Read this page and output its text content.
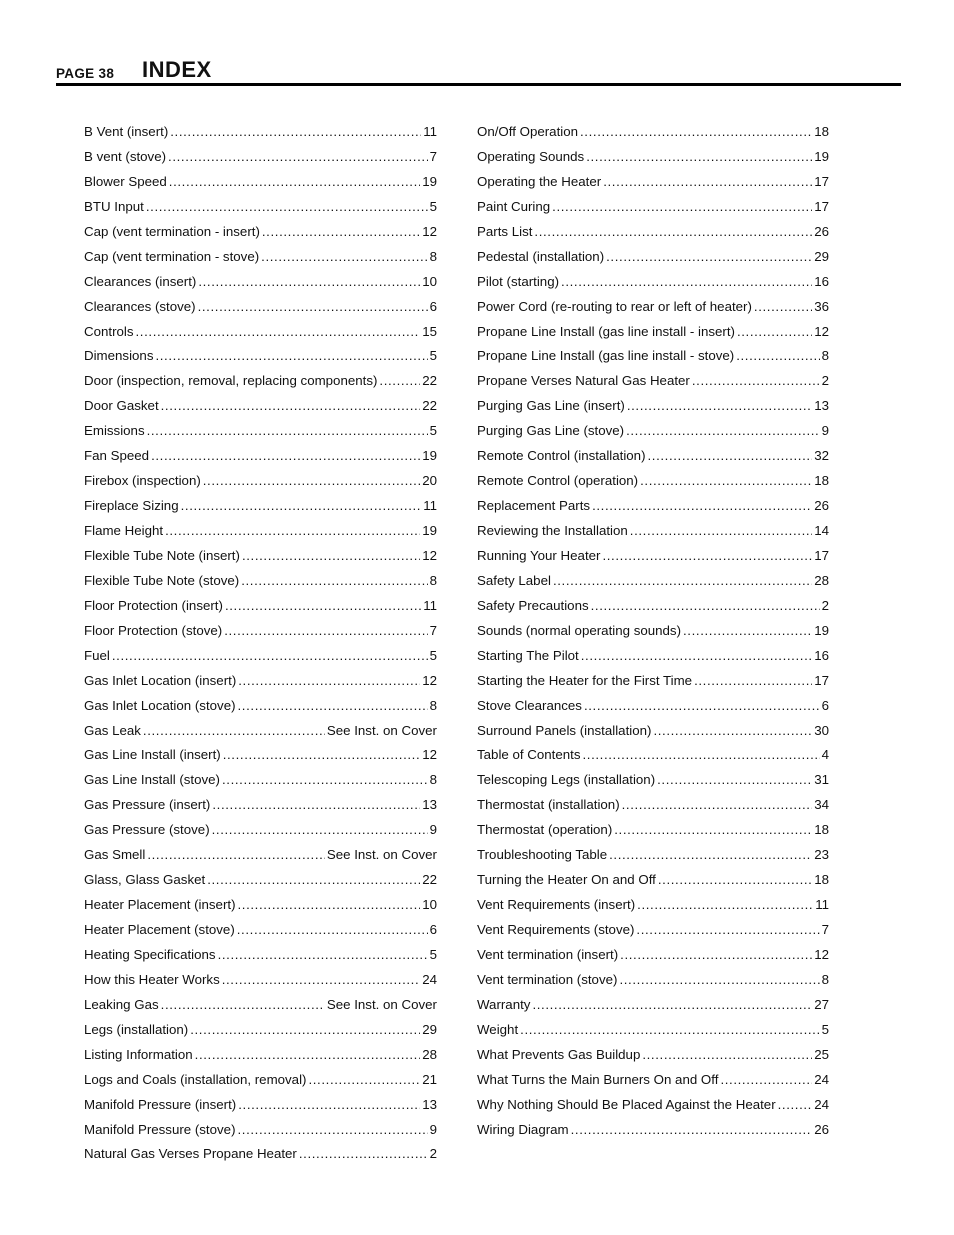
PAGE 38 INDEX
B Vent (insert) .....	11
B vent (stove) .....	7
Blower Speed .....	19
BTU Input .....	5
Cap (vent termination - insert) .....	12
Cap (vent termination - stove) .....	8
Clearances (insert) .....	10
Clearances (stove) .....	6
Controls .....	15
Dimensions .....	5
Door (inspection, removal, replacing components) .....	22
Door Gasket .....	22
Emissions .....	5
Fan Speed .....	19
Firebox (inspection) .....	20
Fireplace Sizing .....	11
Flame Height .....	19
Flexible Tube Note (insert) .....	12
Flexible Tube Note (stove) .....	8
Floor Protection (insert) .....	11
Floor Protection (stove) .....	7
Fuel .....	5
Gas Inlet Location (insert) .....	12
Gas Inlet Location (stove) .....	8
Gas Leak .....	See Inst. on Cover
Gas Line Install (insert) .....	12
Gas Line Install (stove) .....	8
Gas Pressure (insert) .....	13
Gas Pressure (stove) .....	9
Gas Smell .....	See Inst. on Cover
Glass, Glass Gasket .....	22
Heater Placement (insert) .....	10
Heater Placement (stove) .....	6
Heating Specifications .....	5
How this Heater Works .....	24
Leaking Gas .....	See Inst. on Cover
Legs (installation) .....	29
Listing Information .....	28
Logs and Coals (installation, removal) .....	21
Manifold Pressure (insert) .....	13
Manifold Pressure (stove) .....	9
Natural Gas Verses Propane Heater .....	2
On/Off Operation .....	18
Operating Sounds .....	19
Operating the Heater .....	17
Paint Curing .....	17
Parts List .....	26
Pedestal (installation) .....	29
Pilot (starting) .....	16
Power Cord (re-routing to rear or left of heater) .....	36
Propane Line Install (gas line install - insert) .....	12
Propane Line Install (gas line install - stove) .....	8
Propane Verses Natural Gas Heater .....	2
Purging Gas Line (insert) .....	13
Purging Gas Line (stove) .....	9
Remote Control (installation) .....	32
Remote Control (operation) .....	18
Replacement Parts .....	26
Reviewing the Installation .....	14
Running Your Heater .....	17
Safety Label .....	28
Safety Precautions .....	2
Sounds (normal operating sounds) .....	19
Starting The Pilot .....	16
Starting the Heater for the First Time .....	17
Stove Clearances .....	6
Surround Panels (installation) .....	30
Table of Contents .....	4
Telescoping Legs (installation) .....	31
Thermostat (installation) .....	34
Thermostat (operation) .....	18
Troubleshooting Table .....	23
Turning the Heater On and Off .....	18
Vent Requirements (insert) .....	11
Vent Requirements (stove) .....	7
Vent termination (insert) .....	12
Vent termination (stove) .....	8
Warranty .....	27
Weight .....	5
What Prevents Gas Buildup .....	25
What Turns the Main Burners On and Off .....	24
Why Nothing Should Be Placed Against the Heater .....	24
Wiring Diagram .....	26
